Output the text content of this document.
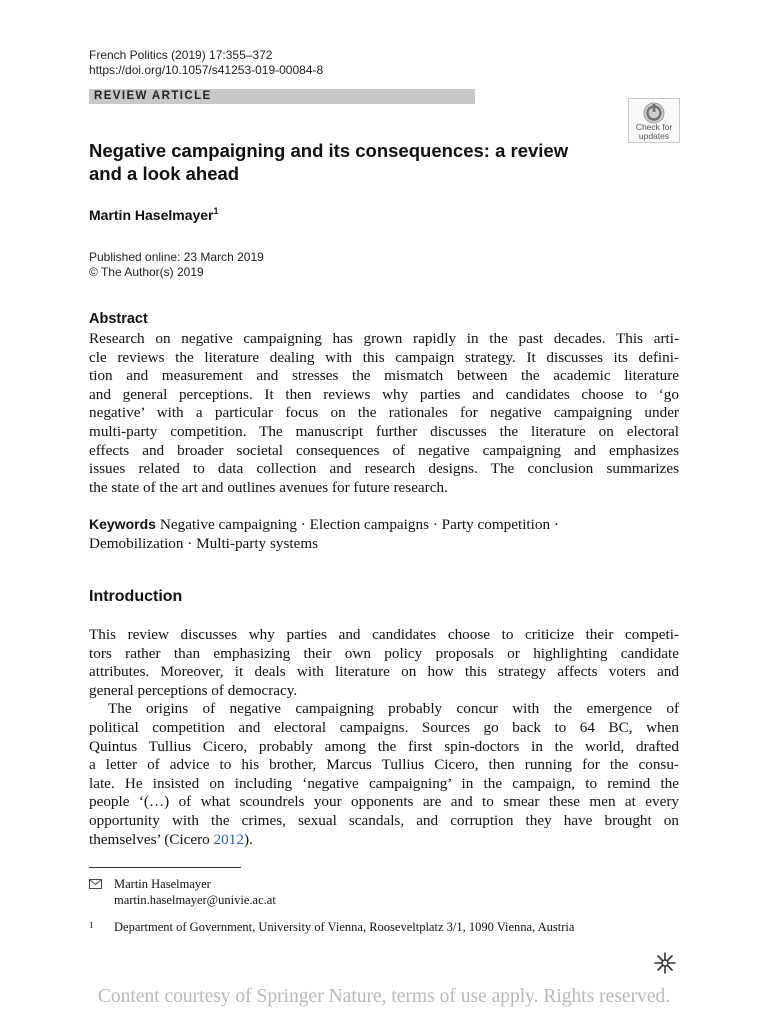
French Politics (2019) 17:355–372
https://doi.org/10.1057/s41253-019-00084-8
REVIEW ARTICLE
Check for
updates
Negative campaigning and its consequences: a review
and a look ahead
Martin Haselmayer$^1$
Published online: 23 March 2019
© The Author(s) 2019
Abstract
Research on negative campaigning has grown rapidly in the past decades. This arti-
cle reviews the literature dealing with this campaign strategy. It discusses its defini-
tion and measurement and stresses the mismatch between the academic literature
and general perceptions. It then reviews why parties and candidates choose to ‘go
negative’ with a particular focus on the rationales for negative campaigning under
multi-party competition. The manuscript further discusses the literature on electoral
effects and broader societal consequences of negative campaigning and emphasizes
issues related to data collection and research designs. The conclusion summarizes
the state of the art and outlines avenues for future research.
Keywords Negative campaigning · Election campaigns · Party competition ·
Demobilization · Multi-party systems
Introduction
This review discusses why parties and candidates choose to criticize their competi-
tors rather than emphasizing their own policy proposals or highlighting candidate
attributes. Moreover, it deals with literature on how this strategy affects voters and
general perceptions of democracy.
The origins of negative campaigning probably concur with the emergence of
political competition and electoral campaigns. Sources go back to 64 BC, when
Quintus Tullius Cicero, probably among the first spin-doctors in the world, drafted
a letter of advice to his brother, Marcus Tullius Cicero, then running for the consu-
late. He insisted on including ‘negative campaigning’ in the campaign, to remind the
people ‘(…) of what scoundrels your opponents are and to smear these men at every
opportunity with the crimes, sexual scandals, and corruption they have brought on
themselves’ (Cicero 2012).
Martin Haselmayer
martin.haselmayer@univie.ac.at
1 Department of Government, University of Vienna, Rooseveltplatz 3/1, 1090 Vienna, Austria
Content courtesy of Springer Nature, terms of use apply. Rights reserved.
